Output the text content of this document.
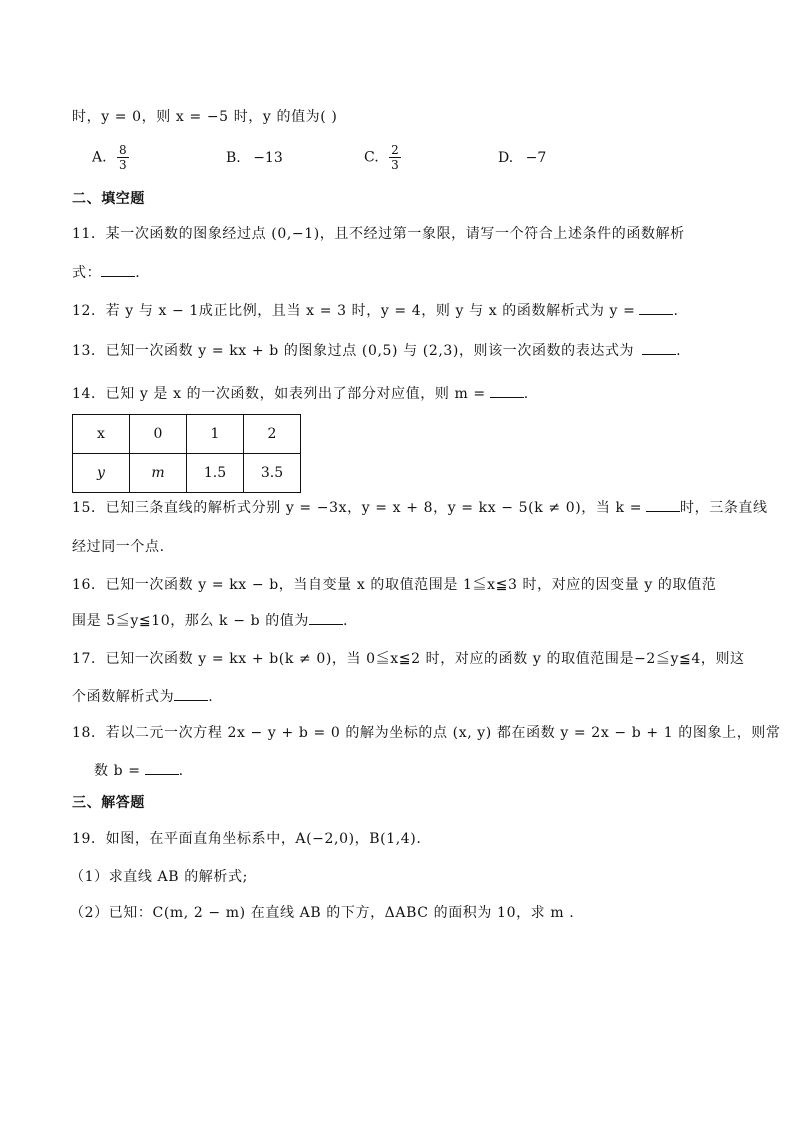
时，y = 0，则 x = −5 时，y 的值为( )
A. $\frac{8}{3}$	B. −13	C. $\frac{2}{3}$	D. −7
二、填空题
11．某一次函数的图象经过点 (0,−1)，且不经过第一象限，请写一个符合上述条件的函数解析
式： .
12．若 y 与 x − 1成正比例，且当 x = 3 时，y = 4，则 y 与 x 的函数解析式为 y =	.
13．已知一次函数 y = kx + b 的图象过点 (0,5) 与 (2,3)，则该一次函数的表达式为	.
14．已知 y 是 x 的一次函数，如表列出了部分对应值，则 m =	.
x	0	1	2
y	m	1.5	3.5
15．已知三条直线的解析式分别 y = −3x，y = x + 8，y = kx − 5(k ≠ 0)，当 k =	时，三条直线
经过同一个点.
16．已知一次函数 y = kx − b，当自变量 x 的取值范围是 1≦x≦3 时，对应的因变量 y 的取值范
围是 5≦y≦10，那么 k − b 的值为 .
17．已知一次函数 y = kx + b(k ≠ 0)，当 0≦x≦2 时，对应的函数 y 的取值范围是−2≦y≦4，则这
个函数解析式为 .
18．若以二元一次方程 2x − y + b = 0 的解为坐标的点 (x, y) 都在函数 y = 2x − b + 1 的图象上，则常
数 b =	.
三、解答题
19．如图，在平面直角坐标系中，A(−2,0)，B(1,4).
（1）求直线 AB 的解析式;
（2）已知：C(m, 2 − m) 在直线 AB 的下方，ΔABC 的面积为 10，求 m .
